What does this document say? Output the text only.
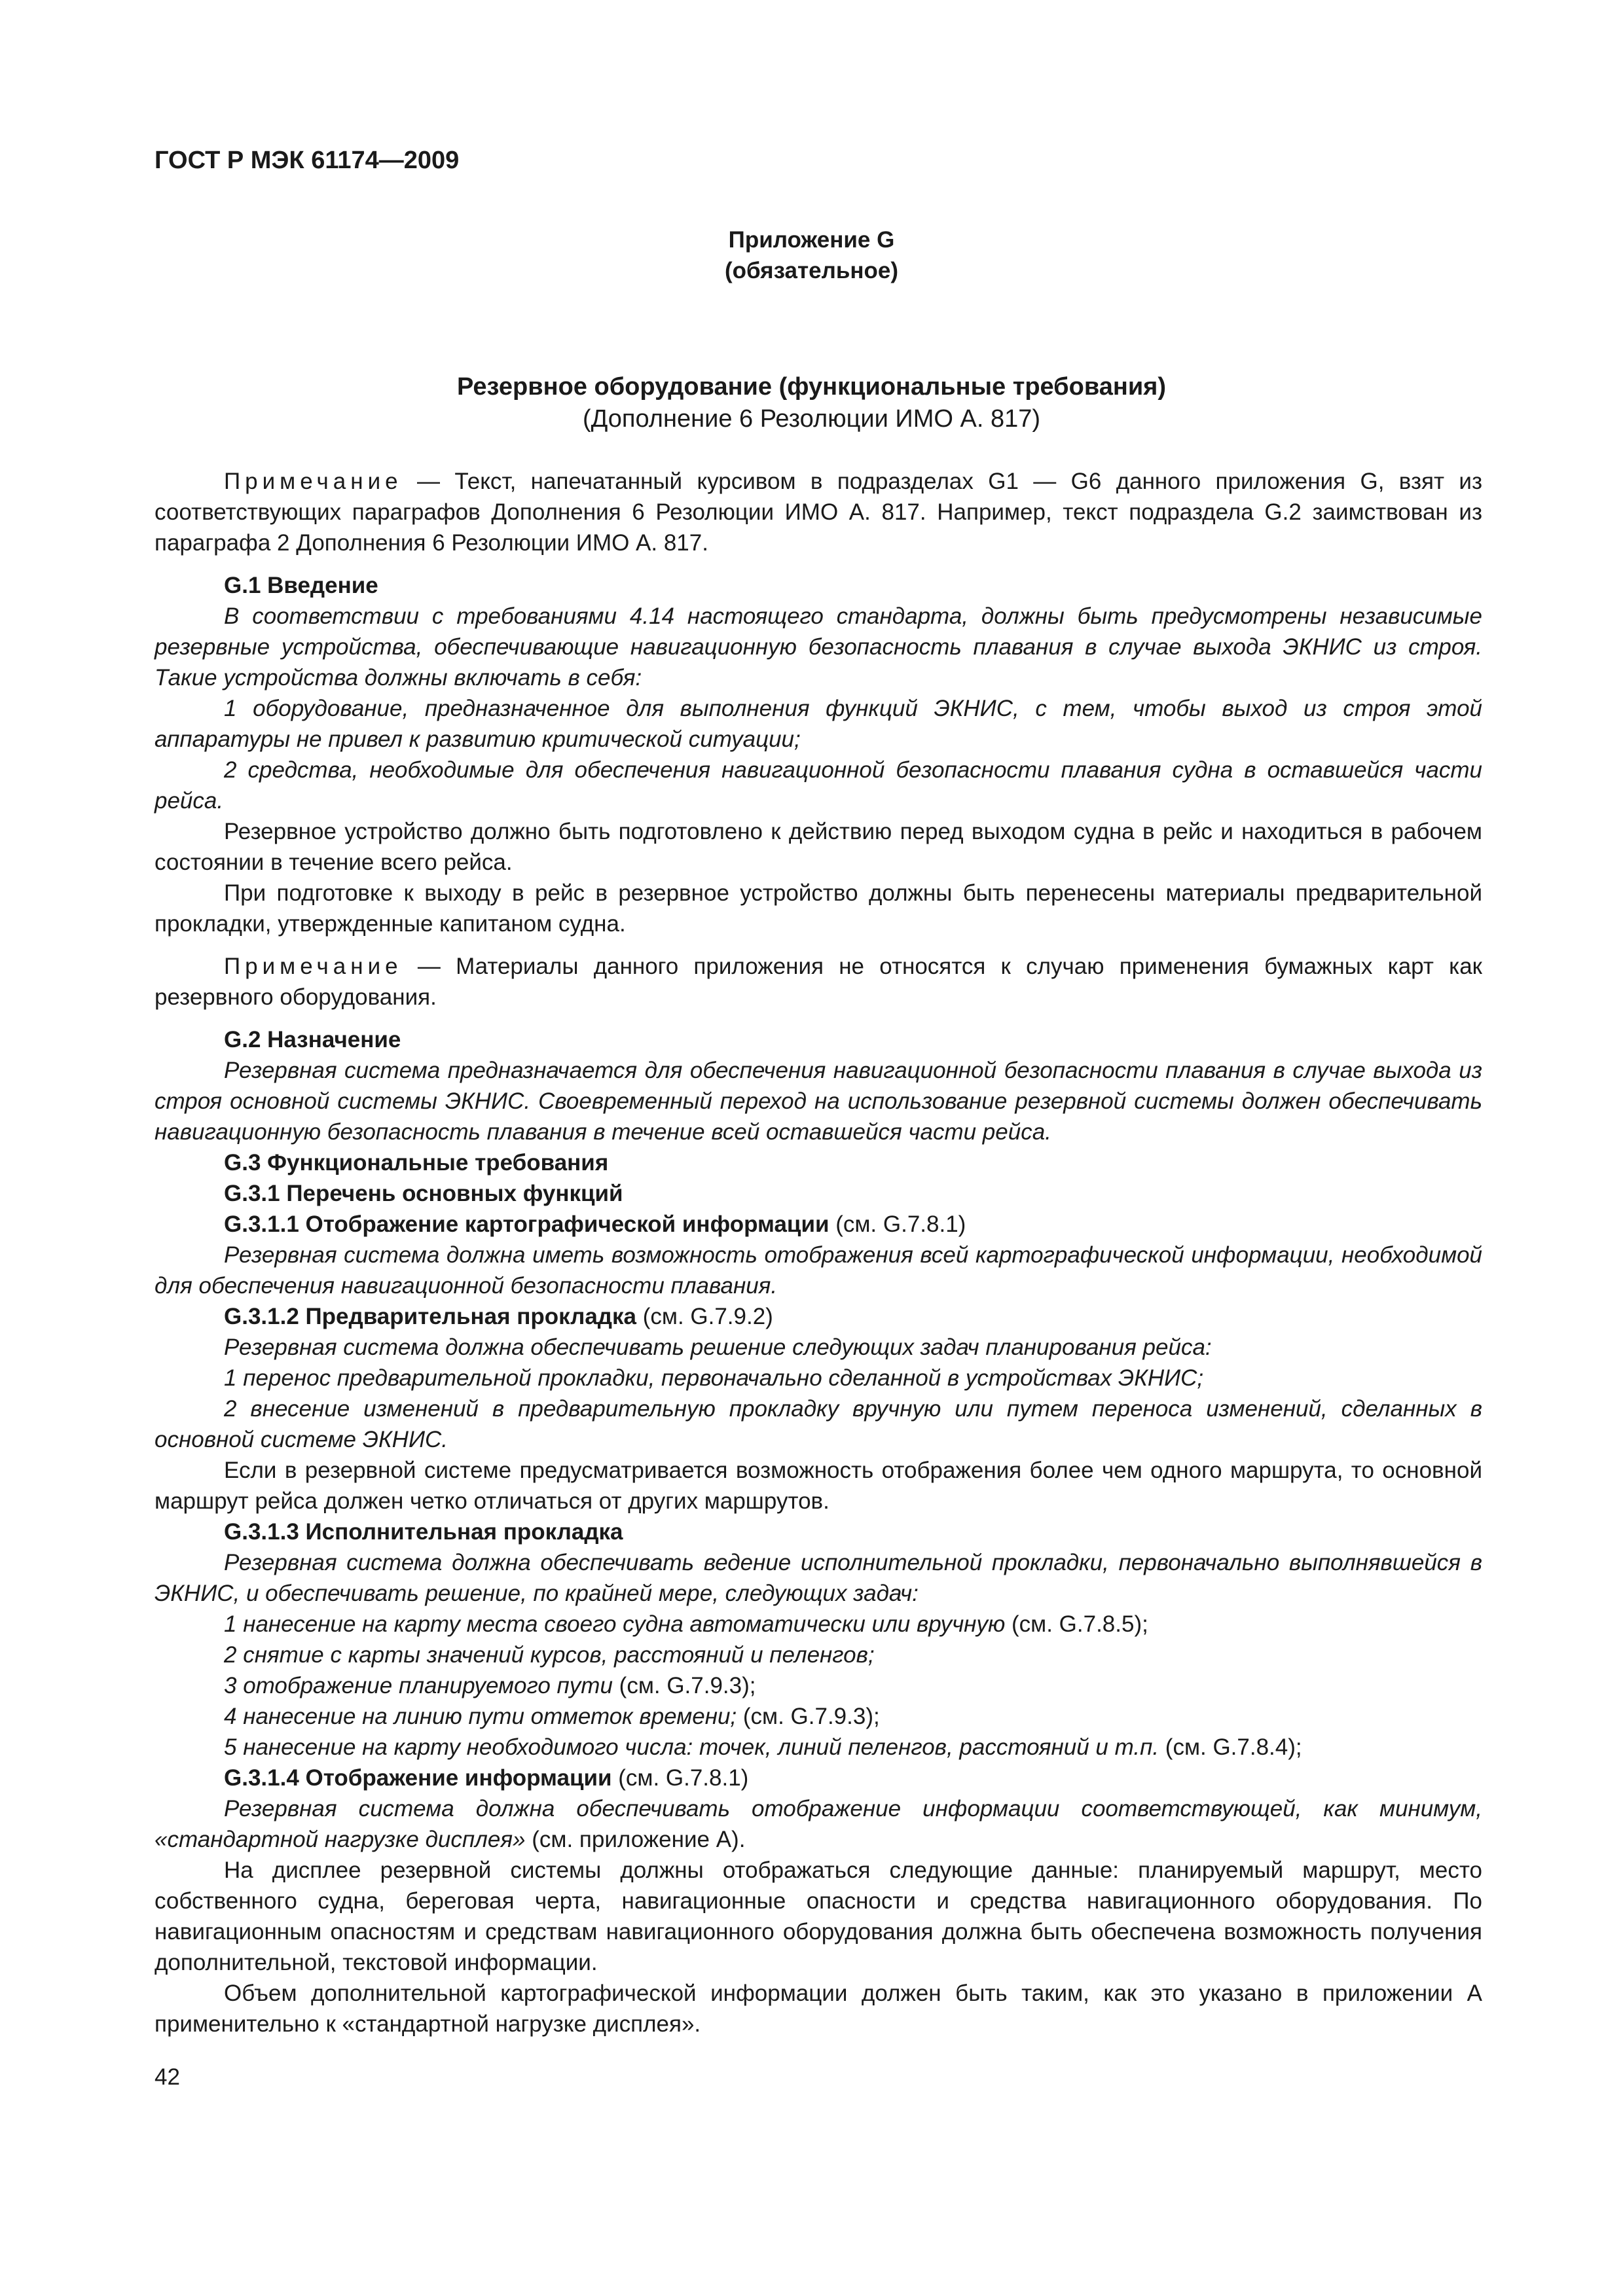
ГОСТ Р МЭК 61174—2009
Приложение G
(обязательное)
Резервное оборудование (функциональные требования)
(Дополнение 6 Резолюции ИМО А. 817)

Примечание — Текст, напечатанный курсивом в подразделах G1 — G6 данного приложения G, взят из соответствующих параграфов Дополнения 6 Резолюции ИМО А. 817. Например, текст подраздела G.2 заимствован из параграфа 2 Дополнения 6 Резолюции ИМО А. 817.

G.1 Введение

В соответствии с требованиями 4.14 настоящего стандарта, должны быть предусмотрены независимые резервные устройства, обеспечивающие навигационную безопасность плавания в случае выхода ЭКНИС из строя. Такие устройства должны включать в себя:

1 оборудование, предназначенное для выполнения функций ЭКНИС, с тем, чтобы выход из строя этой аппаратуры не привел к развитию критической ситуации;

2 средства, необходимые для обеспечения навигационной безопасности плавания судна в оставшейся части рейса.

Резервное устройство должно быть подготовлено к действию перед выходом судна в рейс и находиться в рабочем состоянии в течение всего рейса.

При подготовке к выходу в рейс в резервное устройство должны быть перенесены материалы предварительной прокладки, утвержденные капитаном судна.

Примечание — Материалы данного приложения не относятся к случаю применения бумажных карт как резервного оборудования.

G.2 Назначение

Резервная система предназначается для обеспечения навигационной безопасности плавания в случае выхода из строя основной системы ЭКНИС. Своевременный переход на использование резервной системы должен обеспечивать навигационную безопасность плавания в течение всей оставшейся части рейса.

G.3 Функциональные требования

G.3.1 Перечень основных функций

G.3.1.1 Отображение картографической информации (см. G.7.8.1)

Резервная система должна иметь возможность отображения всей картографической информации, необходимой для обеспечения навигационной безопасности плавания.

G.3.1.2 Предварительная прокладка (см. G.7.9.2)

Резервная система должна обеспечивать решение следующих задач планирования рейса:

1 перенос предварительной прокладки, первоначально сделанной в устройствах ЭКНИС;

2 внесение изменений в предварительную прокладку вручную или путем переноса изменений, сделанных в основной системе ЭКНИС.

Если в резервной системе предусматривается возможность отображения более чем одного маршрута, то основной маршрут рейса должен четко отличаться от других маршрутов.

G.3.1.3 Исполнительная прокладка

Резервная система должна обеспечивать ведение исполнительной прокладки, первоначально выполнявшейся в ЭКНИС, и обеспечивать решение, по крайней мере, следующих задач:

1 нанесение на карту места своего судна автоматически или вручную (см. G.7.8.5);

2 снятие с карты значений курсов, расстояний и пеленгов;

3 отображение планируемого пути (см. G.7.9.3);

4 нанесение на линию пути отметок времени; (см. G.7.9.3);

5 нанесение на карту необходимого числа: точек, линий пеленгов, расстояний и т.п. (см. G.7.8.4);

G.3.1.4 Отображение информации (см. G.7.8.1)

Резервная система должна обеспечивать отображение информации соответствующей, как минимум, «стандартной нагрузке дисплея» (см. приложение А).

На дисплее резервной системы должны отображаться следующие данные: планируемый маршрут, место собственного судна, береговая черта, навигационные опасности и средства навигационного оборудования. По навигационным опасностям и средствам навигационного оборудования должна быть обеспечена возможность получения дополнительной, текстовой информации.

Объем дополнительной картографической информации должен быть таким, как это указано в приложении А применительно к «стандартной нагрузке дисплея».

42
